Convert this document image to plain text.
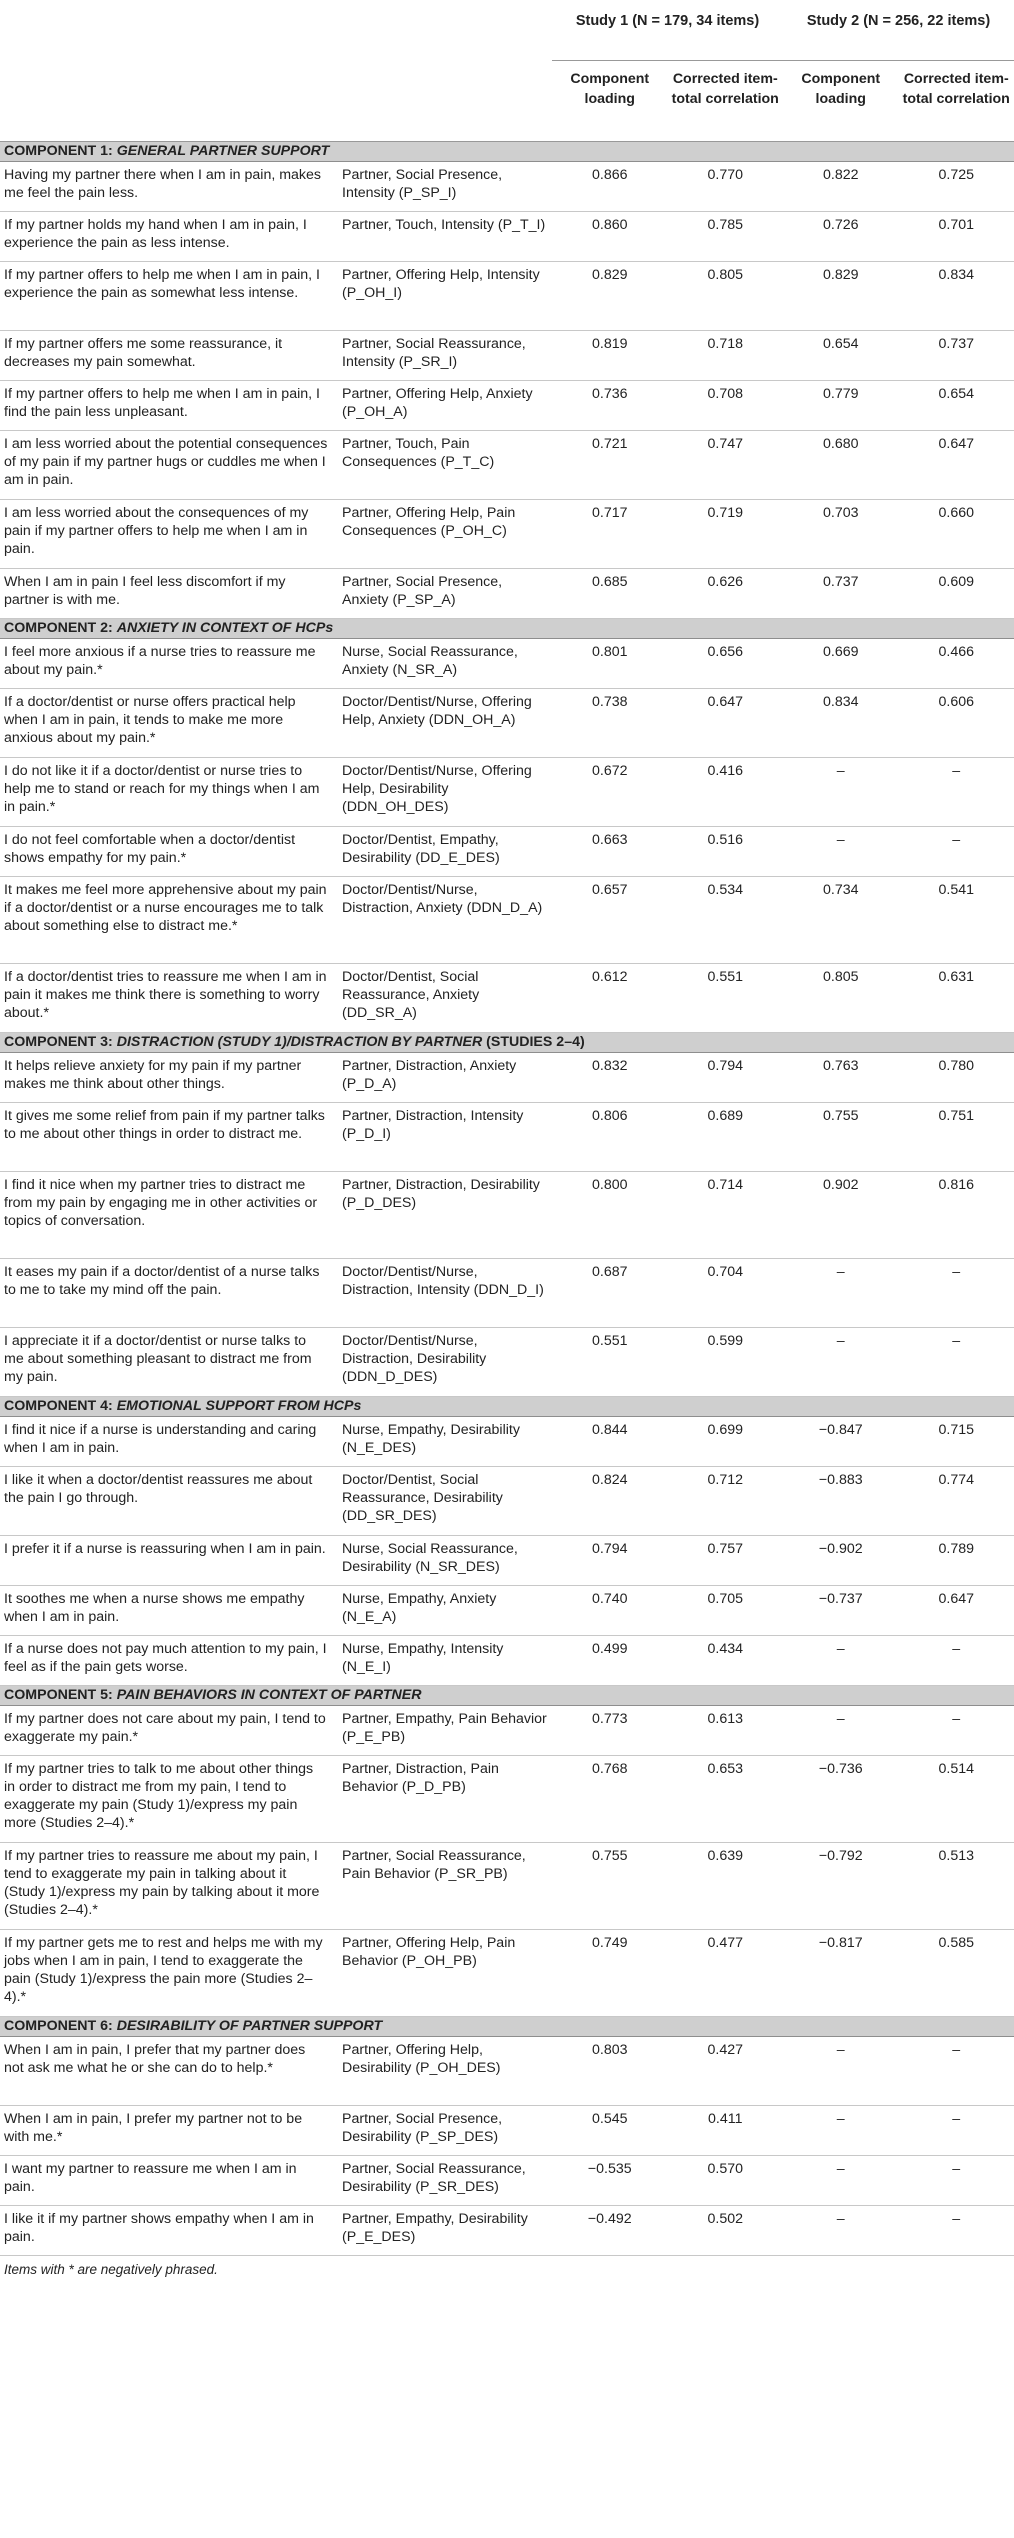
		Study 1 (N = 179, 34 items)		Study 2 (N = 256, 22 items)	
		Component loading	Corrected item-total correlation	Component loading	Corrected item-total correlation
COMPONENT 1: GENERAL PARTNER SUPPORT					
Having my partner there when I am in pain, makes me feel the pain less.	Partner, Social Presence, Intensity (P_SP_I)	0.866	0.770	0.822	0.725
If my partner holds my hand when I am in pain, I experience the pain as less intense.	Partner, Touch, Intensity (P_T_I)	0.860	0.785	0.726	0.701
If my partner offers to help me when I am in pain, I experience the pain as somewhat less intense.	Partner, Offering Help, Intensity (P_OH_I)	0.829	0.805	0.829	0.834
If my partner offers me some reassurance, it decreases my pain somewhat.	Partner, Social Reassurance, Intensity (P_SR_I)	0.819	0.718	0.654	0.737
If my partner offers to help me when I am in pain, I find the pain less unpleasant.	Partner, Offering Help, Anxiety (P_OH_A)	0.736	0.708	0.779	0.654
I am less worried about the potential consequences of my pain if my partner hugs or cuddles me when I am in pain.	Partner, Touch, Pain Consequences (P_T_C)	0.721	0.747	0.680	0.647
I am less worried about the consequences of my pain if my partner offers to help me when I am in pain.	Partner, Offering Help, Pain Consequences (P_OH_C)	0.717	0.719	0.703	0.660
When I am in pain I feel less discomfort if my partner is with me.	Partner, Social Presence, Anxiety (P_SP_A)	0.685	0.626	0.737	0.609
COMPONENT 2: ANXIETY IN CONTEXT OF HCPs					
I feel more anxious if a nurse tries to reassure me about my pain.*	Nurse, Social Reassurance, Anxiety (N_SR_A)	0.801	0.656	0.669	0.466
If a doctor/dentist or nurse offers practical help when I am in pain, it tends to make me more anxious about my pain.*	Doctor/Dentist/Nurse, Offering Help, Anxiety (DDN_OH_A)	0.738	0.647	0.834	0.606
I do not like it if a doctor/dentist or nurse tries to help me to stand or reach for my things when I am in pain.*	Doctor/Dentist/Nurse, Offering Help, Desirability (DDN_OH_DES)	0.672	0.416	–	–
I do not feel comfortable when a doctor/dentist shows empathy for my pain.*	Doctor/Dentist, Empathy, Desirability (DD_E_DES)	0.663	0.516	–	–
It makes me feel more apprehensive about my pain if a doctor/dentist or a nurse encourages me to talk about something else to distract me.*	Doctor/Dentist/Nurse, Distraction, Anxiety (DDN_D_A)	0.657	0.534	0.734	0.541
If a doctor/dentist tries to reassure me when I am in pain it makes me think there is something to worry about.*	Doctor/Dentist, Social Reassurance, Anxiety (DD_SR_A)	0.612	0.551	0.805	0.631
COMPONENT 3: DISTRACTION (STUDY 1)/DISTRACTION BY PARTNER (STUDIES 2–4)					
It helps relieve anxiety for my pain if my partner makes me think about other things.	Partner, Distraction, Anxiety (P_D_A)	0.832	0.794	0.763	0.780
It gives me some relief from pain if my partner talks to me about other things in order to distract me.	Partner, Distraction, Intensity (P_D_I)	0.806	0.689	0.755	0.751
I find it nice when my partner tries to distract me from my pain by engaging me in other activities or topics of conversation.	Partner, Distraction, Desirability (P_D_DES)	0.800	0.714	0.902	0.816
It eases my pain if a doctor/dentist of a nurse talks to me to take my mind off the pain.	Doctor/Dentist/Nurse, Distraction, Intensity (DDN_D_I)	0.687	0.704	–	–
I appreciate it if a doctor/dentist or nurse talks to me about something pleasant to distract me from my pain.	Doctor/Dentist/Nurse, Distraction, Desirability (DDN_D_DES)	0.551	0.599	–	–
COMPONENT 4: EMOTIONAL SUPPORT FROM HCPs					
I find it nice if a nurse is understanding and caring when I am in pain.	Nurse, Empathy, Desirability (N_E_DES)	0.844	0.699	−0.847	0.715
I like it when a doctor/dentist reassures me about the pain I go through.	Doctor/Dentist, Social Reassurance, Desirability (DD_SR_DES)	0.824	0.712	−0.883	0.774
I prefer it if a nurse is reassuring when I am in pain.	Nurse, Social Reassurance, Desirability (N_SR_DES)	0.794	0.757	−0.902	0.789
It soothes me when a nurse shows me empathy when I am in pain.	Nurse, Empathy, Anxiety (N_E_A)	0.740	0.705	−0.737	0.647
If a nurse does not pay much attention to my pain, I feel as if the pain gets worse.	Nurse, Empathy, Intensity (N_E_I)	0.499	0.434	–	–
COMPONENT 5: PAIN BEHAVIORS IN CONTEXT OF PARTNER					
If my partner does not care about my pain, I tend to exaggerate my pain.*	Partner, Empathy, Pain Behavior (P_E_PB)	0.773	0.613	–	–
If my partner tries to talk to me about other things in order to distract me from my pain, I tend to exaggerate my pain (Study 1)/express my pain more (Studies 2–4).*	Partner, Distraction, Pain Behavior (P_D_PB)	0.768	0.653	−0.736	0.514
If my partner tries to reassure me about my pain, I tend to exaggerate my pain in talking about it (Study 1)/express my pain by talking about it more (Studies 2–4).*	Partner, Social Reassurance, Pain Behavior (P_SR_PB)	0.755	0.639	−0.792	0.513
If my partner gets me to rest and helps me with my jobs when I am in pain, I tend to exaggerate the pain (Study 1)/express the pain more (Studies 2–4).*	Partner, Offering Help, Pain Behavior (P_OH_PB)	0.749	0.477	−0.817	0.585
COMPONENT 6: DESIRABILITY OF PARTNER SUPPORT					
When I am in pain, I prefer that my partner does not ask me what he or she can do to help.*	Partner, Offering Help, Desirability (P_OH_DES)	0.803	0.427	–	–
When I am in pain, I prefer my partner not to be with me.*	Partner, Social Presence, Desirability (P_SP_DES)	0.545	0.411	–	–
I want my partner to reassure me when I am in pain.	Partner, Social Reassurance, Desirability (P_SR_DES)	−0.535	0.570	–	–
I like it if my partner shows empathy when I am in pain.	Partner, Empathy, Desirability (P_E_DES)	−0.492	0.502	–	–
Items with * are negatively phrased.
